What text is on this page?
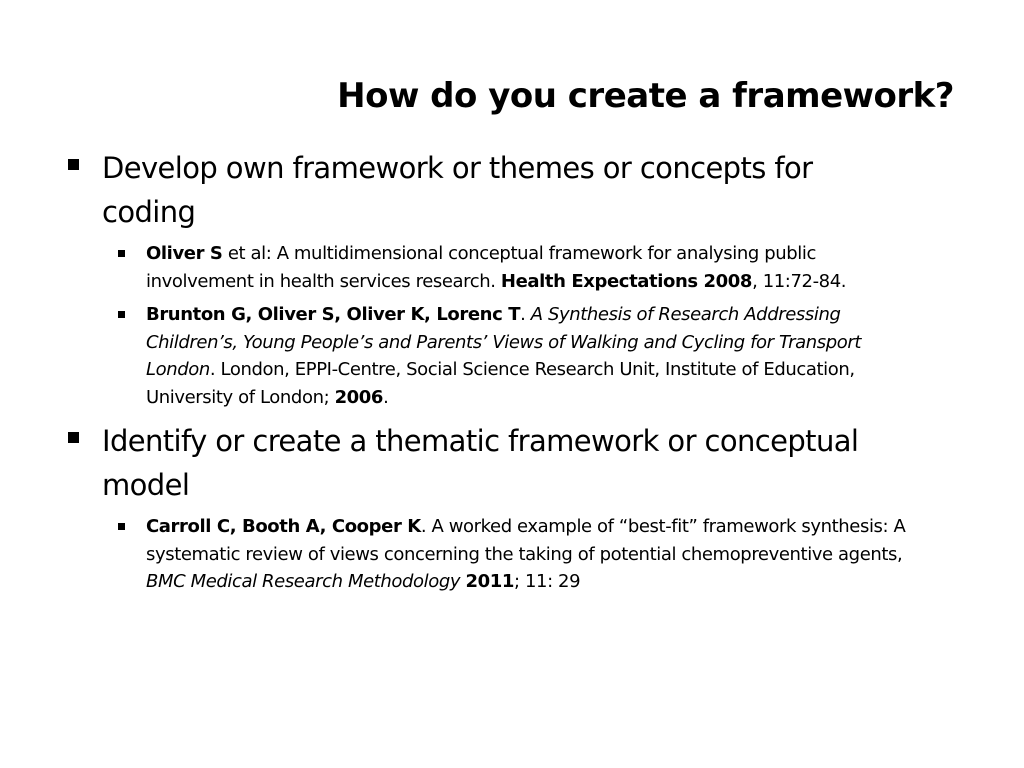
How do you create a framework?
Develop own framework or themes or concepts for coding
Oliver S et al: A multidimensional conceptual framework for analysing public involvement in health services research. Health Expectations 2008, 11:72-84.
Brunton G, Oliver S, Oliver K, Lorenc T. A Synthesis of Research Addressing Children’s, Young People’s and Parents’ Views of Walking and Cycling for Transport London. London, EPPI-Centre, Social Science Research Unit, Institute of Education, University of London; 2006.
Identify or create a thematic framework or conceptual model
Carroll C, Booth A, Cooper K. A worked example of “best-fit” framework synthesis: A systematic review of views concerning the taking of potential chemopreventive agents, BMC Medical Research Methodology 2011; 11: 29
